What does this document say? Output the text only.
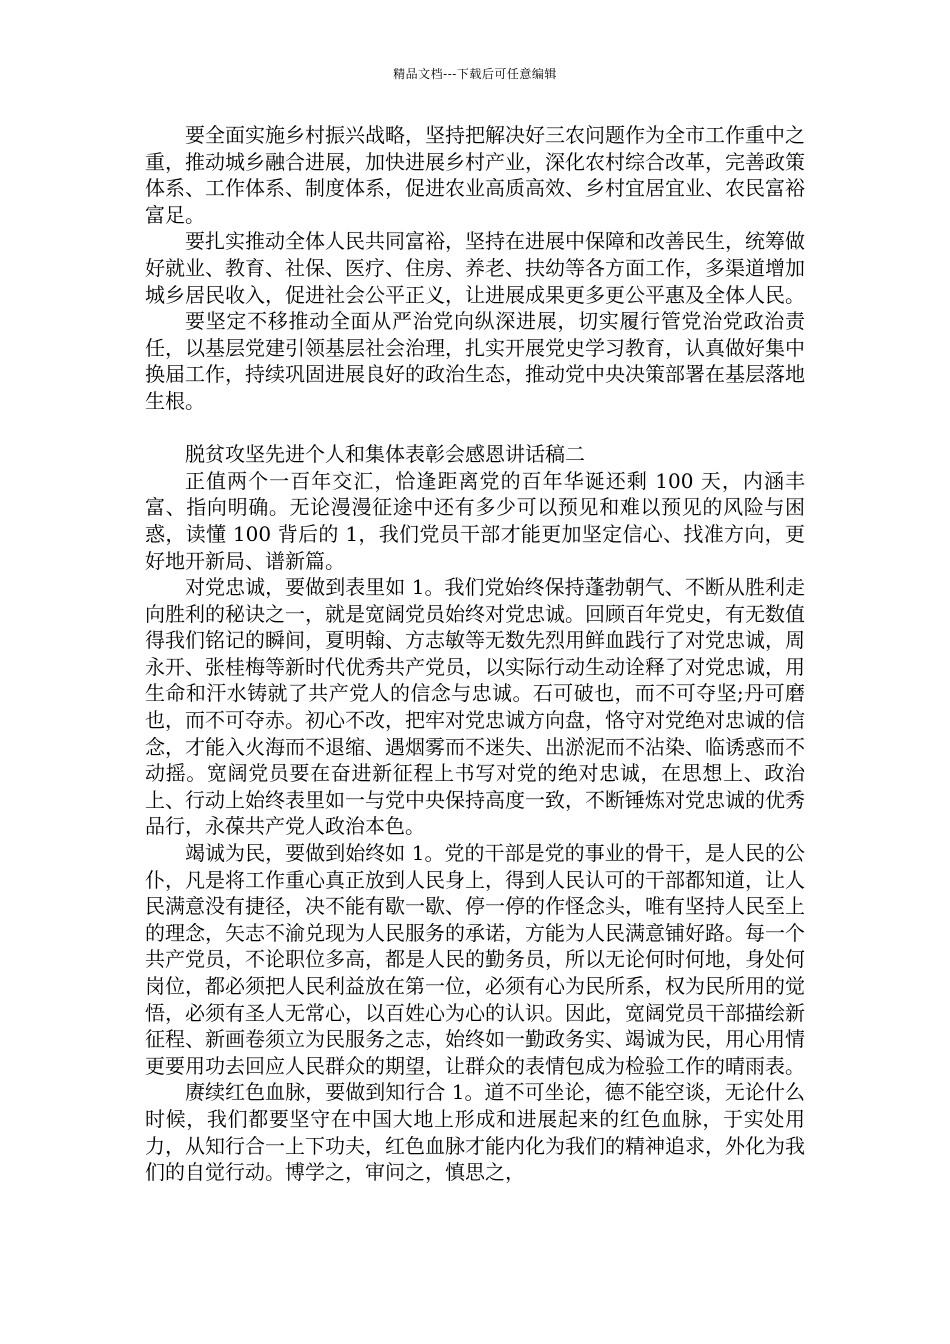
精品文档---下载后可任意编辑

要全面实施乡村振兴战略，坚持把解决好三农问题作为全市工作重中之重，推动城乡融合进展，加快进展乡村产业，深化农村综合改革，完善政策体系、工作体系、制度体系，促进农业高质高效、乡村宜居宜业、农民富裕富足。

要扎实推动全体人民共同富裕，坚持在进展中保障和改善民生，统筹做好就业、教育、社保、医疗、住房、养老、扶幼等各方面工作，多渠道增加城乡居民收入，促进社会公平正义，让进展成果更多更公平惠及全体人民。

要坚定不移推动全面从严治党向纵深进展，切实履行管党治党政治责任，以基层党建引领基层社会治理，扎实开展党史学习教育，认真做好集中换届工作，持续巩固进展良好的政治生态，推动党中央决策部署在基层落地生根。

脱贫攻坚先进个人和集体表彰会感恩讲话稿二

正值两个一百年交汇，恰逢距离党的百年华诞还剩 100 天，内涵丰富、指向明确。无论漫漫征途中还有多少可以预见和难以预见的风险与困惑，读懂 100 背后的 1，我们党员干部才能更加坚定信心、找准方向，更好地开新局、谱新篇。

对党忠诚，要做到表里如 1。我们党始终保持蓬勃朝气、不断从胜利走向胜利的秘诀之一，就是宽阔党员始终对党忠诚。回顾百年党史，有无数值得我们铭记的瞬间，夏明翰、方志敏等无数先烈用鲜血践行了对党忠诚，周永开、张桂梅等新时代优秀共产党员，以实际行动生动诠释了对党忠诚，用生命和汗水铸就了共产党人的信念与忠诚。石可破也，而不可夺坚;丹可磨也，而不可夺赤。初心不改，把牢对党忠诚方向盘，恪守对党绝对忠诚的信念，才能入火海而不退缩、遇烟雾而不迷失、出淤泥而不沾染、临诱惑而不动摇。宽阔党员要在奋进新征程上书写对党的绝对忠诚，在思想上、政治上、行动上始终表里如一与党中央保持高度一致，不断锤炼对党忠诚的优秀品行，永葆共产党人政治本色。

竭诚为民，要做到始终如 1。党的干部是党的事业的骨干，是人民的公仆，凡是将工作重心真正放到人民身上，得到人民认可的干部都知道，让人民满意没有捷径，决不能有歇一歇、停一停的作怪念头，唯有坚持人民至上的理念，矢志不渝兑现为人民服务的承诺，方能为人民满意铺好路。每一个共产党员，不论职位多高，都是人民的勤务员，所以无论何时何地，身处何岗位，都必须把人民利益放在第一位，必须有心为民所系，权为民所用的觉悟，必须有圣人无常心，以百姓心为心的认识。因此，宽阔党员干部描绘新征程、新画卷须立为民服务之志，始终如一勤政务实、竭诚为民，用心用情更要用功去回应人民群众的期望，让群众的表情包成为检验工作的晴雨表。

赓续红色血脉，要做到知行合 1。道不可坐论，德不能空谈，无论什么时候，我们都要坚守在中国大地上形成和进展起来的红色血脉，于实处用力，从知行合一上下功夫，红色血脉才能内化为我们的精神追求，外化为我们的自觉行动。博学之，审问之，慎思之，
